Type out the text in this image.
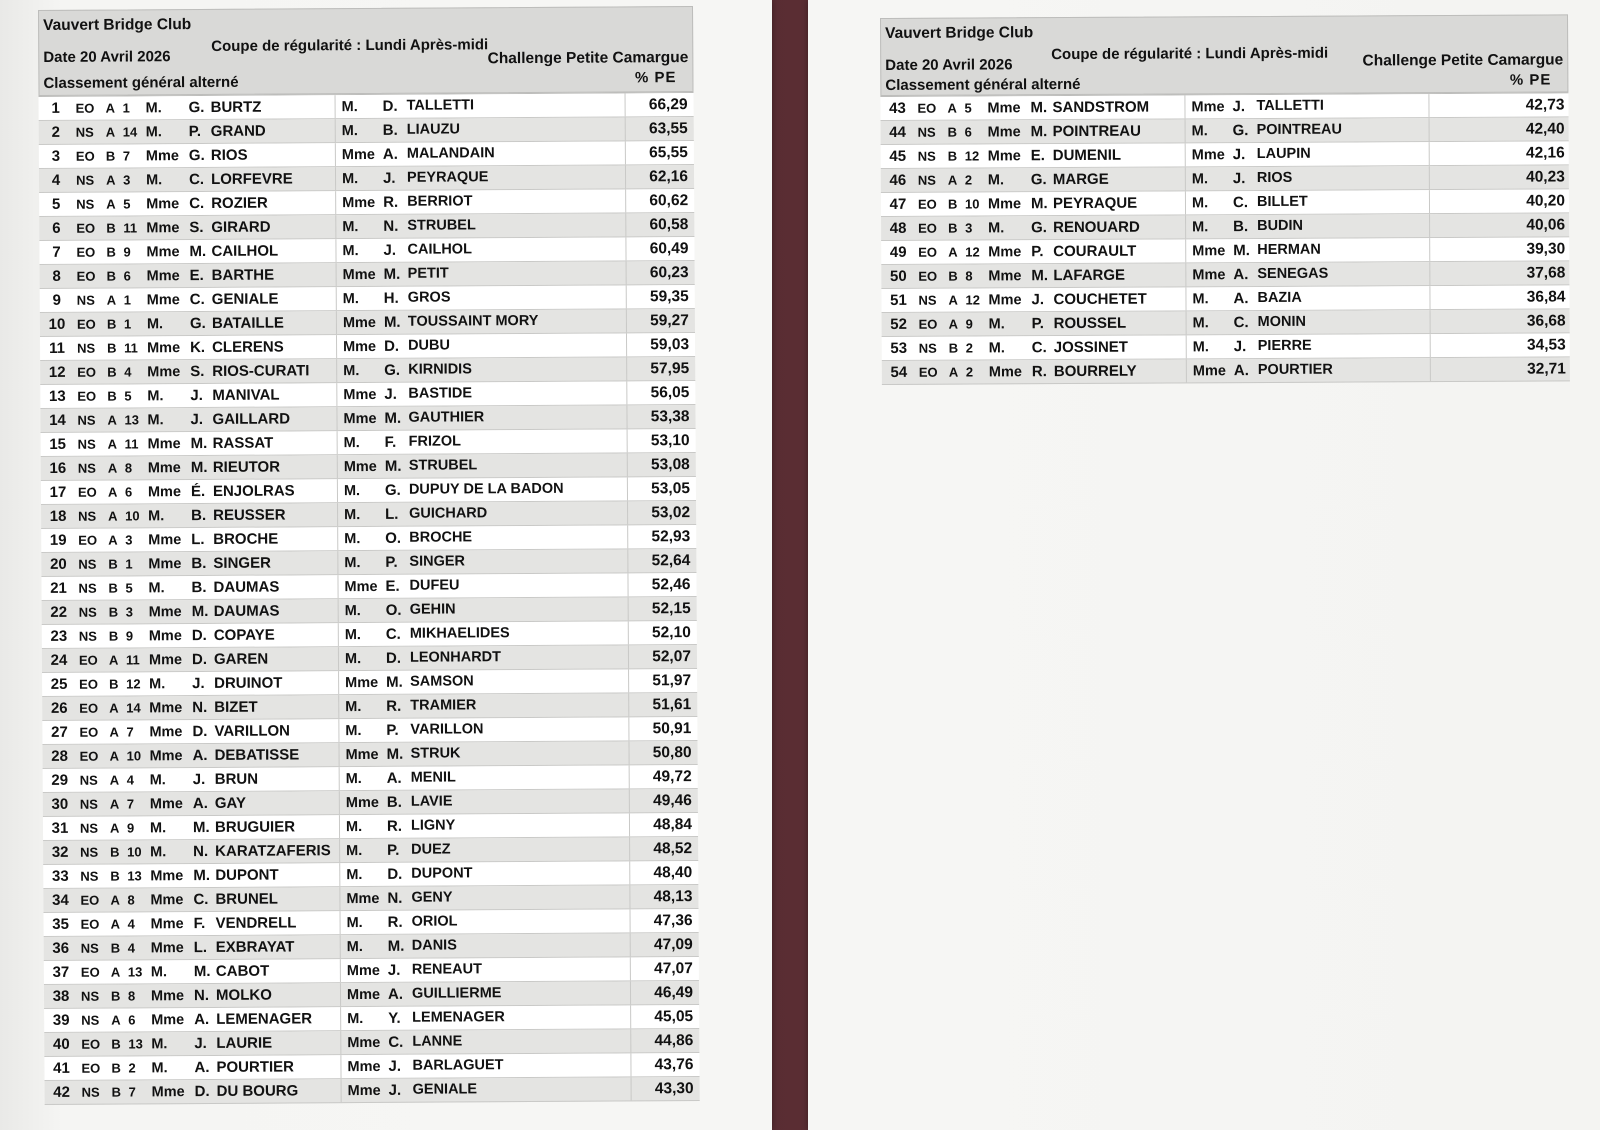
Vauvert Bridge Club
Date 20 Avril 2026
Coupe de régularité : Lundi Après-midi
Challenge Petite Camargue
Classement général alterné	% PE
1	EO A 1	M.	G. BURTZ	M.	D. TALLETTI	66,29
2	NS A 14 M.	P. GRAND	M.	B. LIAUZU	63,55
3	EO B 7	Mme G. RIOS	Mme A. MALANDAIN	65,55
4	NS A 3	M.	C. LORFEVRE	M.	J. PEYRAQUE	62,16
5	NS A 5	Mme C. ROZIER	Mme R. BERRIOT	60,62
6	EO B 11 Mme S. GIRARD	M.	N. STRUBEL	60,58
7	EO B 9	Mme M. CAILHOL	M.	J. CAILHOL	60,49
8	EO B 6	Mme E. BARTHE	Mme M. PETIT	60,23
9	NS A 1	Mme C. GENIALE	M.	H. GROS	59,35
10 EO B 1	M.	G. BATAILLE	Mme M. TOUSSAINT MORY	59,27
11 NS B 11 Mme K. CLERENS	Mme D. DUBU	59,03
12 EO B 4	Mme S. RIOS-CURATI	M.	G. KIRNIDIS	57,95
13 EO B 5	M.	J. MANIVAL	Mme J. BASTIDE	56,05
14 NS A 13 M.	J. GAILLARD	Mme M. GAUTHIER	53,38
15 NS A 11 Mme M. RASSAT	M.	F. FRIZOL	53,10
16 NS A 8	Mme M. RIEUTOR	Mme M. STRUBEL	53,08
17 EO A 6	Mme É. ENJOLRAS	M.	G. DUPUY DE LA BADON	53,05
18 NS A 10 M.	B. REUSSER	M.	L. GUICHARD	53,02
19 EO A 3	Mme L. BROCHE	M.	O. BROCHE	52,93
20 NS B 1	Mme B. SINGER	M.	P. SINGER	52,64
21 NS B 5	M.	B. DAUMAS	Mme E. DUFEU	52,46
22 NS B 3	Mme M. DAUMAS	M.	O. GEHIN	52,15
23 NS B 9	Mme D. COPAYE	M.	C. MIKHAELIDES	52,10
24 EO A 11 Mme D. GAREN	M.	D. LEONHARDT	52,07
25 EO B 12 M.	J. DRUINOT	Mme M. SAMSON	51,97
26 EO A 14 Mme N. BIZET	M.	R. TRAMIER	51,61
27 EO A 7	Mme D. VARILLON	M.	P. VARILLON	50,91
28 EO A 10 Mme A. DEBATISSE	Mme M. STRUK	50,80
29 NS A 4	M.	J. BRUN	M.	A. MENIL	49,72
30 NS A 7	Mme A. GAY	Mme B. LAVIE	49,46
31 NS A 9	M.	M. BRUGUIER	M.	R. LIGNY	48,84
32 NS B 10 M.	N. KARATZAFERIS	M.	P. DUEZ	48,52
33 NS B 13 Mme M. DUPONT	M.	D. DUPONT	48,40
34 EO A 8	Mme C. BRUNEL	Mme N. GENY	48,13
35 EO A 4	Mme F. VENDRELL	M.	R. ORIOL	47,36
36 NS B 4	Mme L. EXBRAYAT	M.	M. DANIS	47,09
37 EO A 13 M.	M. CABOT	Mme J. RENEAUT	47,07
38 NS B 8	Mme N. MOLKO	Mme A. GUILLIERME	46,49
39 NS A 6	Mme A. LEMENAGER	M.	Y. LEMENAGER	45,05
40 EO B 13 M.	J. LAURIE	Mme C. LANNE	44,86
41 EO B 2	M.	A. POURTIER	Mme J. BARLAGUET	43,76
42 NS B 7	Mme D. DU BOURG	Mme J. GENIALE	43,30
Vauvert Bridge Club
Date 20 Avril 2026
Coupe de régularité : Lundi Après-midi Challenge Petite Camargue
Classement général alterné	% PE
43 EO A 5	Mme M. SANDSTROM	Mme J. TALLETTI	42,73
44 NS B 6	Mme M. POINTREAU	M.	G. POINTREAU	42,40
45 NS B 12 Mme E. DUMENIL	Mme J. LAUPIN	42,16
46 NS A 2	M.	G. MARGE	M.	J. RIOS	40,23
47 EO B 10 Mme M. PEYRAQUE	M.	C. BILLET	40,20
48 EO B 3	M.	G. RENOUARD	M.	B. BUDIN	40,06
49 EO A 12 Mme P. COURAULT	Mme M. HERMAN	39,30
50 EO B 8	Mme M. LAFARGE	Mme A. SENEGAS	37,68
51 NS A 12 Mme J. COUCHETET	M.	A. BAZIA	36,84
52 EO A 9	M.	P. ROUSSEL	M.	C. MONIN	36,68
53 NS B 2	M.	C. JOSSINET	M.	J. PIERRE	34,53
54 EO A 2	Mme R. BOURRELY	Mme A. POURTIER	32,71
